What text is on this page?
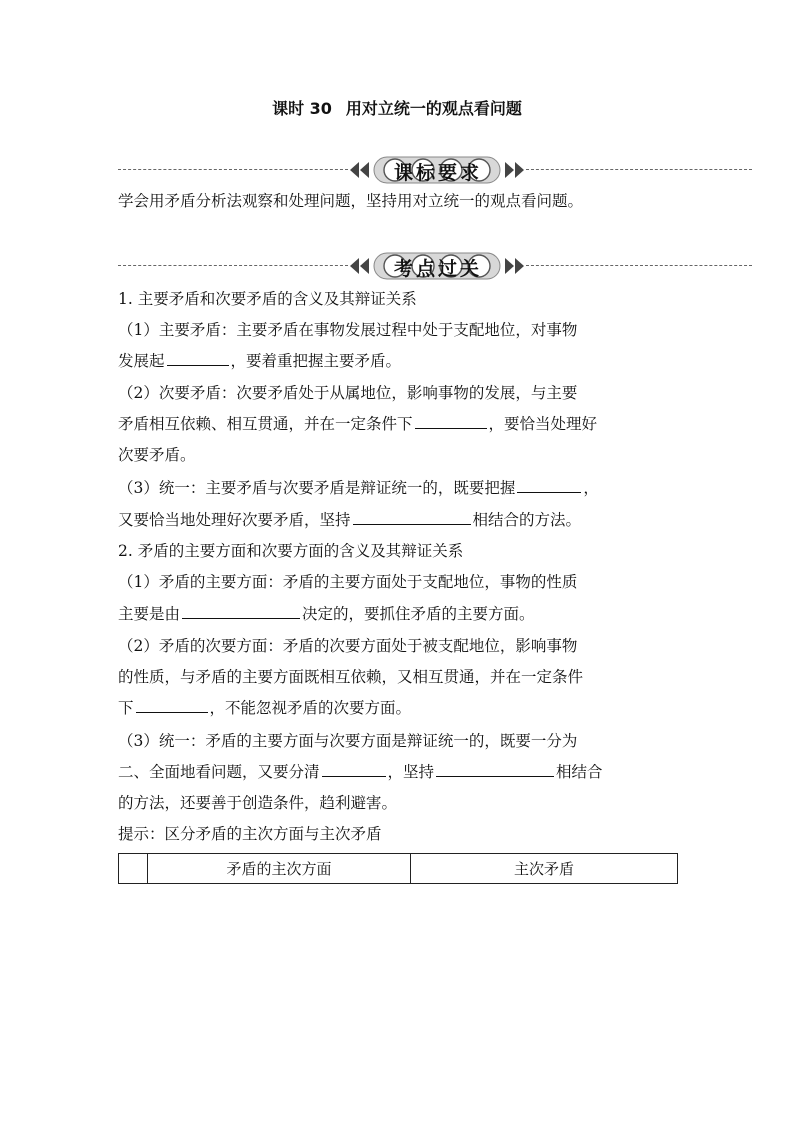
课时 30 用对立统一的观点看问题
课标要求
学会用矛盾分析法观察和处理问题，坚持用对立统一的观点看问题。
考点过关
1. 主要矛盾和次要矛盾的含义及其辩证关系
（1）主要矛盾：主要矛盾在事物发展过程中处于支配地位，对事物
发展起	，要着重把握主要矛盾。
（2）次要矛盾：次要矛盾处于从属地位，影响事物的发展，与主要
矛盾相互依赖、相互贯通，并在一定条件下	，要恰当处理好
次要矛盾。
（3）统一：主要矛盾与次要矛盾是辩证统一的，既要把握	，
又要恰当地处理好次要矛盾，坚持	相结合的方法。
2. 矛盾的主要方面和次要方面的含义及其辩证关系
（1）矛盾的主要方面：矛盾的主要方面处于支配地位，事物的性质
主要是由	决定的，要抓住矛盾的主要方面。
（2）矛盾的次要方面：矛盾的次要方面处于被支配地位，影响事物
的性质，与矛盾的主要方面既相互依赖，又相互贯通，并在一定条件
下	，不能忽视矛盾的次要方面。
（3）统一：矛盾的主要方面与次要方面是辩证统一的，既要一分为
二、全面地看问题，又要分清	，坚持	相结合
的方法，还要善于创造条件，趋利避害。
提示：区分矛盾的主次方面与主次矛盾
	矛盾的主次方面	主次矛盾
